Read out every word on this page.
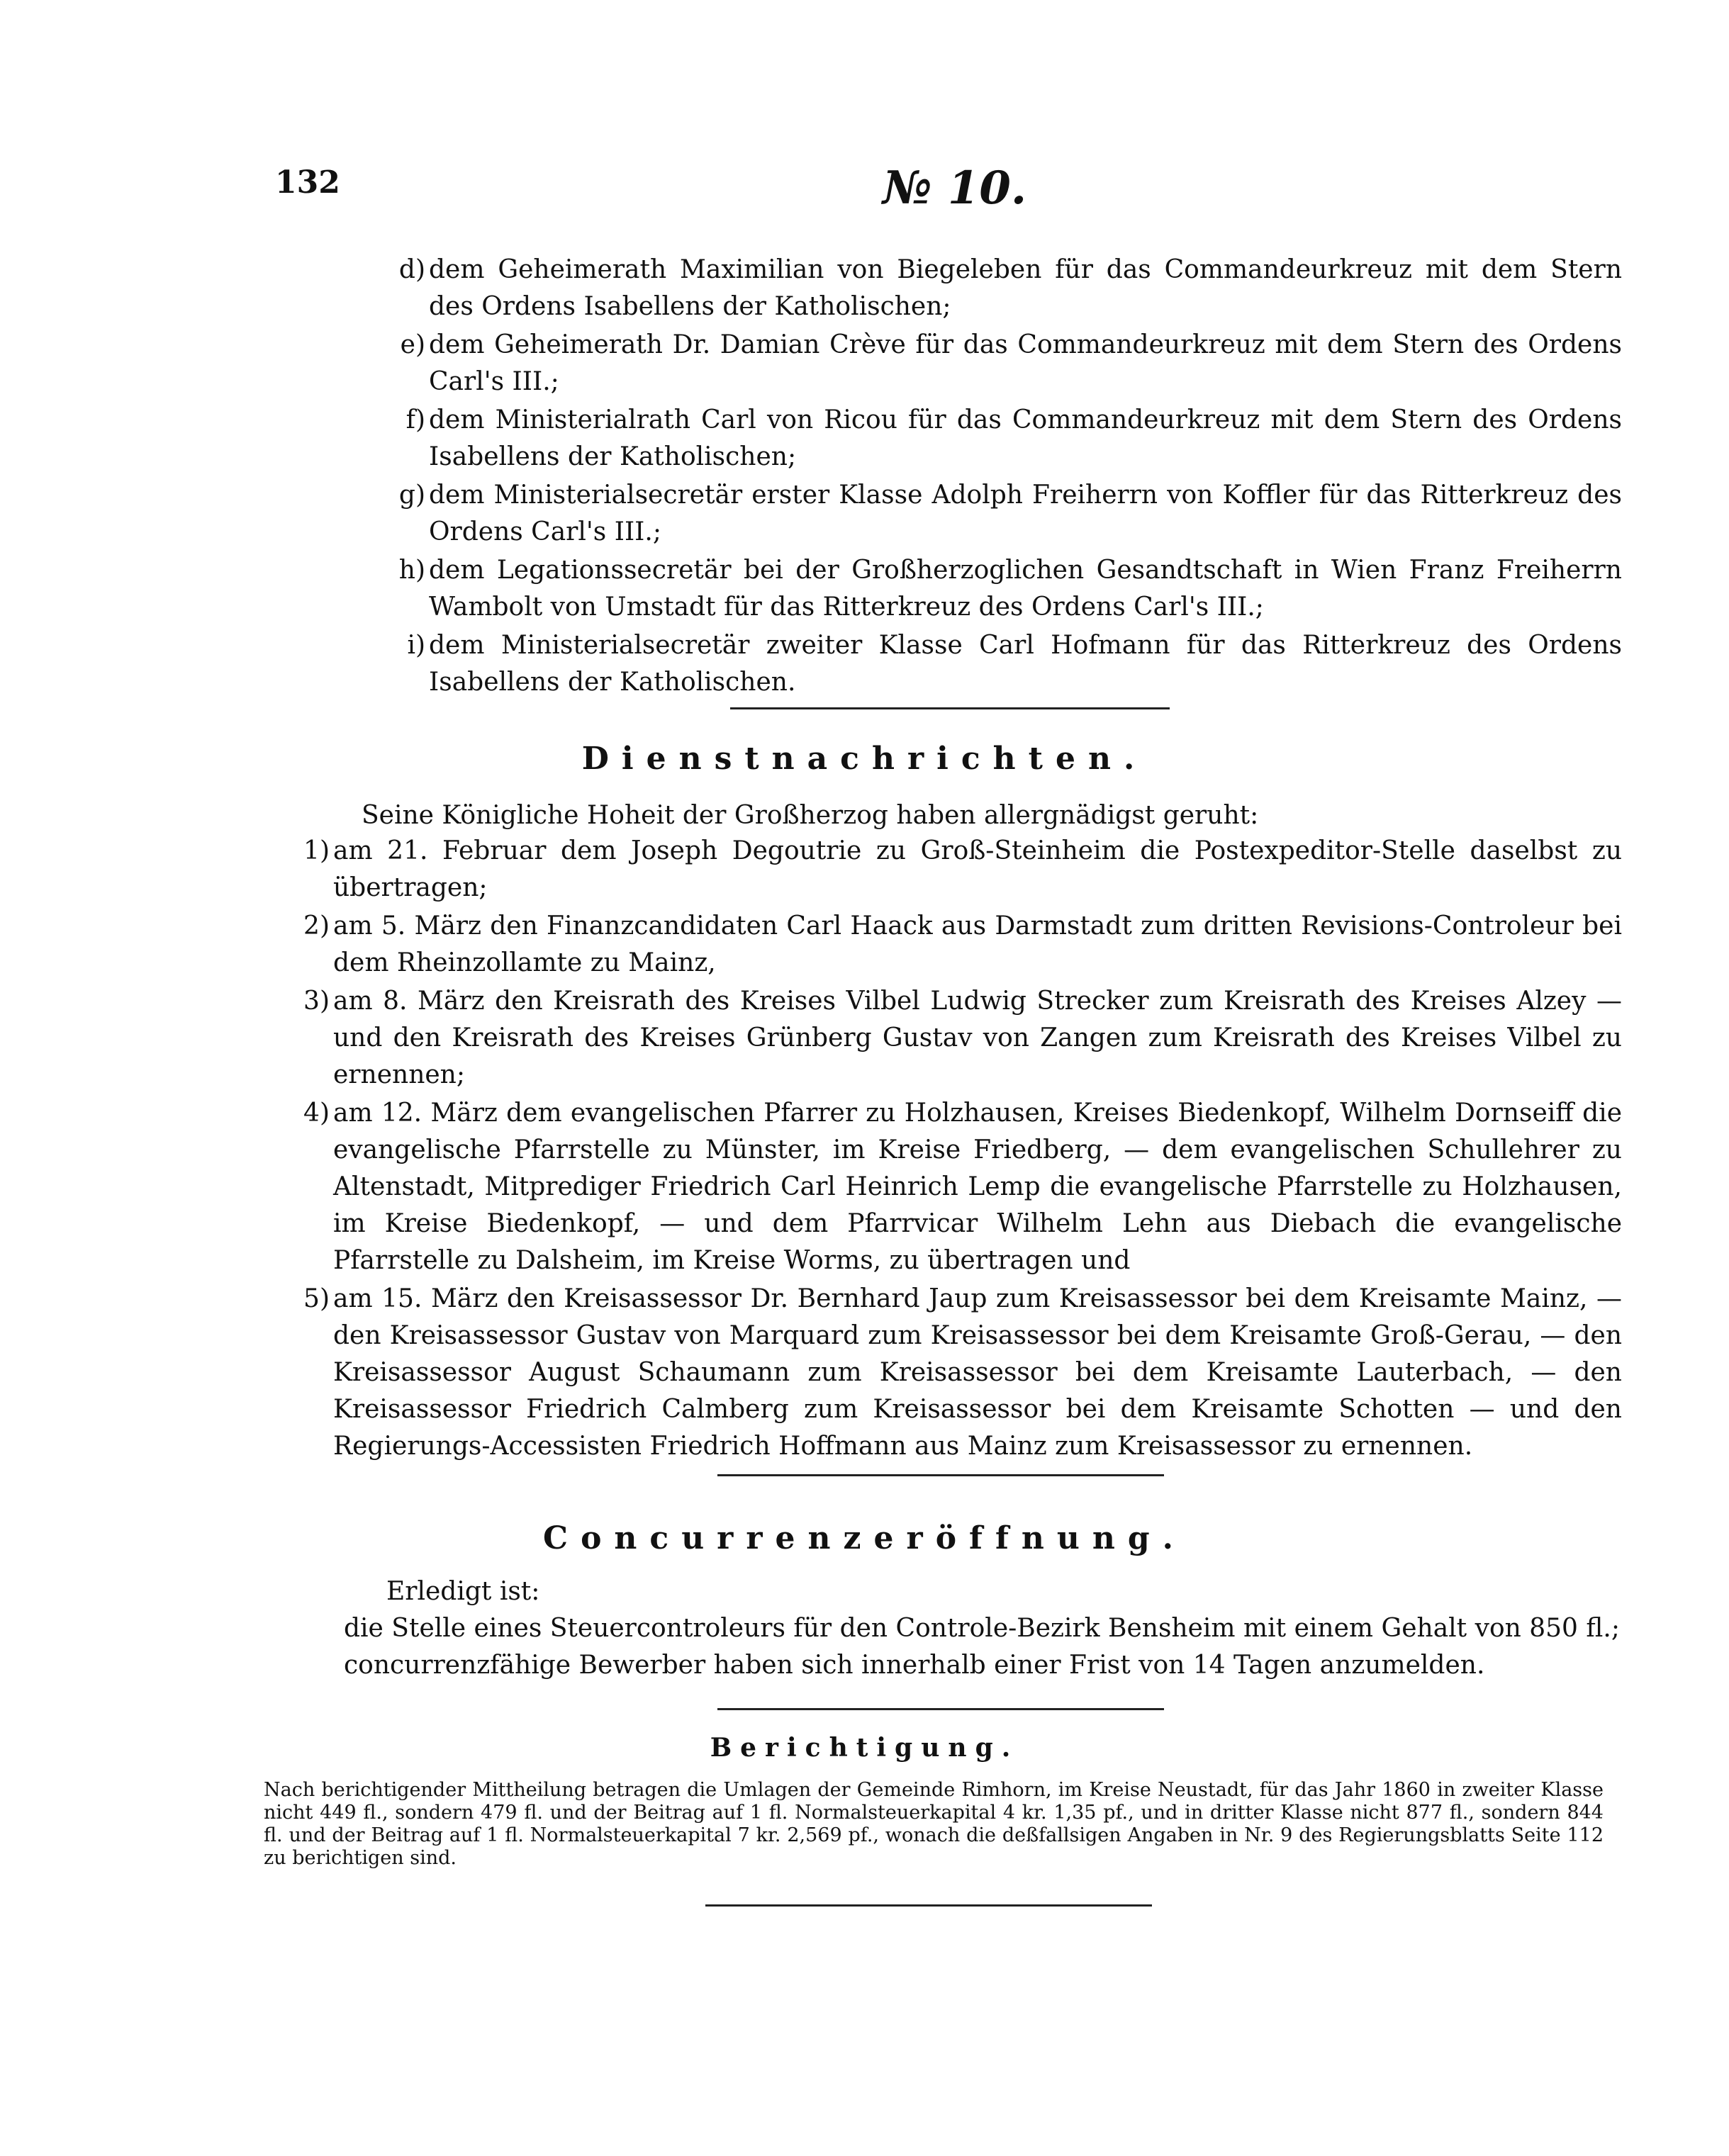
132	№ 10.
d) dem Geheimerath Maximilian von Biegeleben für das Commandeurkreuz mit dem Stern des Ordens Isabellens der Katholischen;
e) dem Geheimerath Dr. Damian Crève für das Commandeurkreuz mit dem Stern des Ordens Carl's III.;
f) dem Ministerialrath Carl von Ricou für das Commandeurkreuz mit dem Stern des Ordens Isabellens der Katholischen;
g) dem Ministerialsecretär erster Klasse Adolph Freiherrn von Koffler für das Ritterkreuz des Ordens Carl's III.;
h) dem Legationssecretär bei der Großherzoglichen Gesandtschaft in Wien Franz Freiherrn Wambolt von Umstadt für das Ritterkreuz des Ordens Carl's III.;
i) dem Ministerialsecretär zweiter Klasse Carl Hofmann für das Ritterkreuz des Ordens Isabellens der Katholischen.
Dienstnachrichten.
Seine Königliche Hoheit der Großherzog haben allergnädigst geruht:
1) am 21. Februar dem Joseph Degoutrie zu Groß-Steinheim die Postexpeditor-Stelle daselbst zu übertragen;
2) am 5. März den Finanzcandidaten Carl Haack aus Darmstadt zum dritten Revisions-Controleur bei dem Rheinzollamte zu Mainz,
3) am 8. März den Kreisrath des Kreises Vilbel Ludwig Strecker zum Kreisrath des Kreises Alzey — und den Kreisrath des Kreises Grünberg Gustav von Zangen zum Kreisrath des Kreises Vilbel zu ernennen;
4) am 12. März dem evangelischen Pfarrer zu Holzhausen, Kreises Biedenkopf, Wilhelm Dornseiff die evangelische Pfarrstelle zu Münster, im Kreise Friedberg, — dem evangelischen Schullehrer zu Altenstadt, Mitprediger Friedrich Carl Heinrich Lemp die evangelische Pfarrstelle zu Holzhausen, im Kreise Biedenkopf, — und dem Pfarrvicar Wilhelm Lehn aus Diebach die evangelische Pfarrstelle zu Dalsheim, im Kreise Worms, zu übertragen und
5) am 15. März den Kreisassessor Dr. Bernhard Jaup zum Kreisassessor bei dem Kreisamte Mainz, — den Kreisassessor Gustav von Marquard zum Kreisassessor bei dem Kreisamte Groß-Gerau, — den Kreisassessor August Schaumann zum Kreisassessor bei dem Kreisamte Lauterbach, — den Kreisassessor Friedrich Calmberg zum Kreisassessor bei dem Kreisamte Schotten — und den Regierungs-Accessisten Friedrich Hoffmann aus Mainz zum Kreisassessor zu ernennen.
Concurrenzeröffnung.
Erledigt ist:
die Stelle eines Steuercontroleurs für den Controle-Bezirk Bensheim mit einem Gehalt von 850 fl.; concurrenzfähige Bewerber haben sich innerhalb einer Frist von 14 Tagen anzumelden.
Berichtigung.
Nach berichtigender Mittheilung betragen die Umlagen der Gemeinde Rimhorn, im Kreise Neustadt, für das Jahr 1860 in zweiter Klasse nicht 449 fl., sondern 479 fl. und der Beitrag auf 1 fl. Normalsteuerkapital 4 kr. 1,35 pf., und in dritter Klasse nicht 877 fl., sondern 844 fl. und der Beitrag auf 1 fl. Normalsteuerkapital 7 kr. 2,569 pf., wonach die deßfallsigen Angaben in Nr. 9 des Regierungsblatts Seite 112 zu berichtigen sind.
